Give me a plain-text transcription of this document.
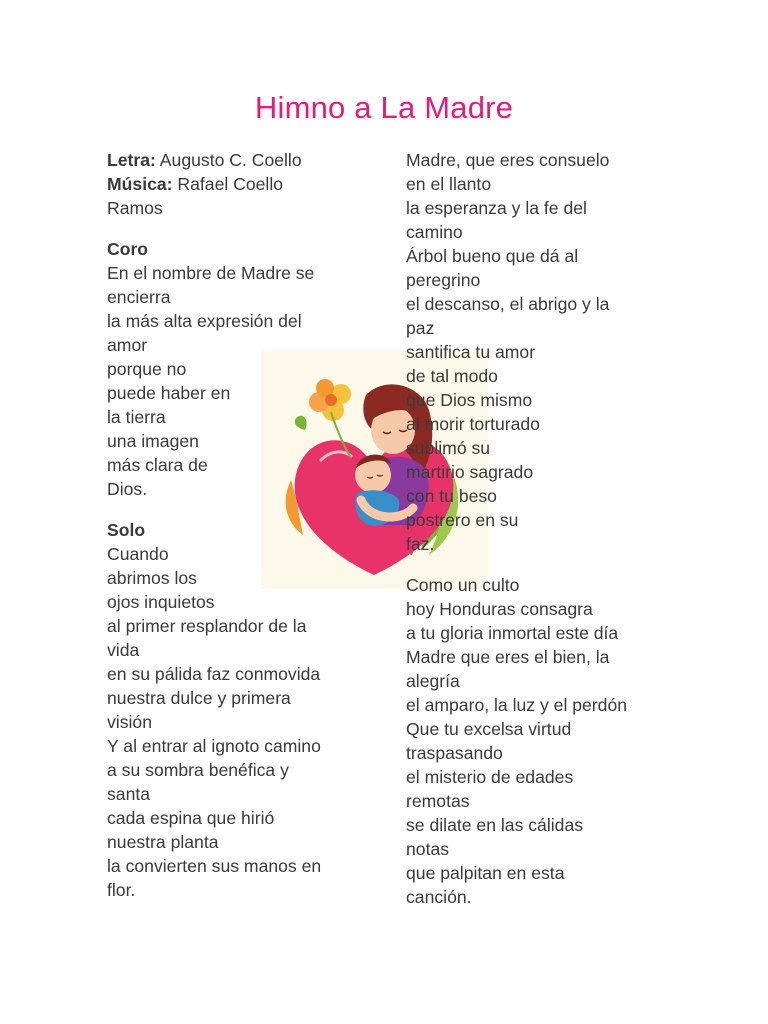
Himno a La Madre

Letra: Augusto C. Coello

Música: Rafael Coello

Ramos

Coro

En el nombre de Madre se

encierra

la más alta expresión del

amor

porque no

puede haber en

la tierra

una imagen

más clara de

Dios.

Solo

Cuando

abrimos los

ojos inquietos

al primer resplandor de la

vida

en su pálida faz conmovida

nuestra dulce y primera

visión

Y al entrar al ignoto camino

a su sombra benéfica y

santa

cada espina que hirió

nuestra planta

la convierten sus manos en

flor.

Madre, que eres consuelo

en el llanto

la esperanza y la fe del

camino

Árbol bueno que dá al

peregrino

el descanso, el abrigo y la

paz

santifica tu amor

de tal modo

que Dios mismo

al morir torturado

sublimó su

martirio sagrado

con tu beso

postrero en su

faz.

Como un culto

hoy Honduras consagra

a tu gloria inmortal este día

Madre que eres el bien, la

alegría

el amparo, la luz y el perdón

Que tu excelsa virtud

traspasando

el misterio de edades

remotas

se dilate en las cálidas

notas

que palpitan en esta

canción.
